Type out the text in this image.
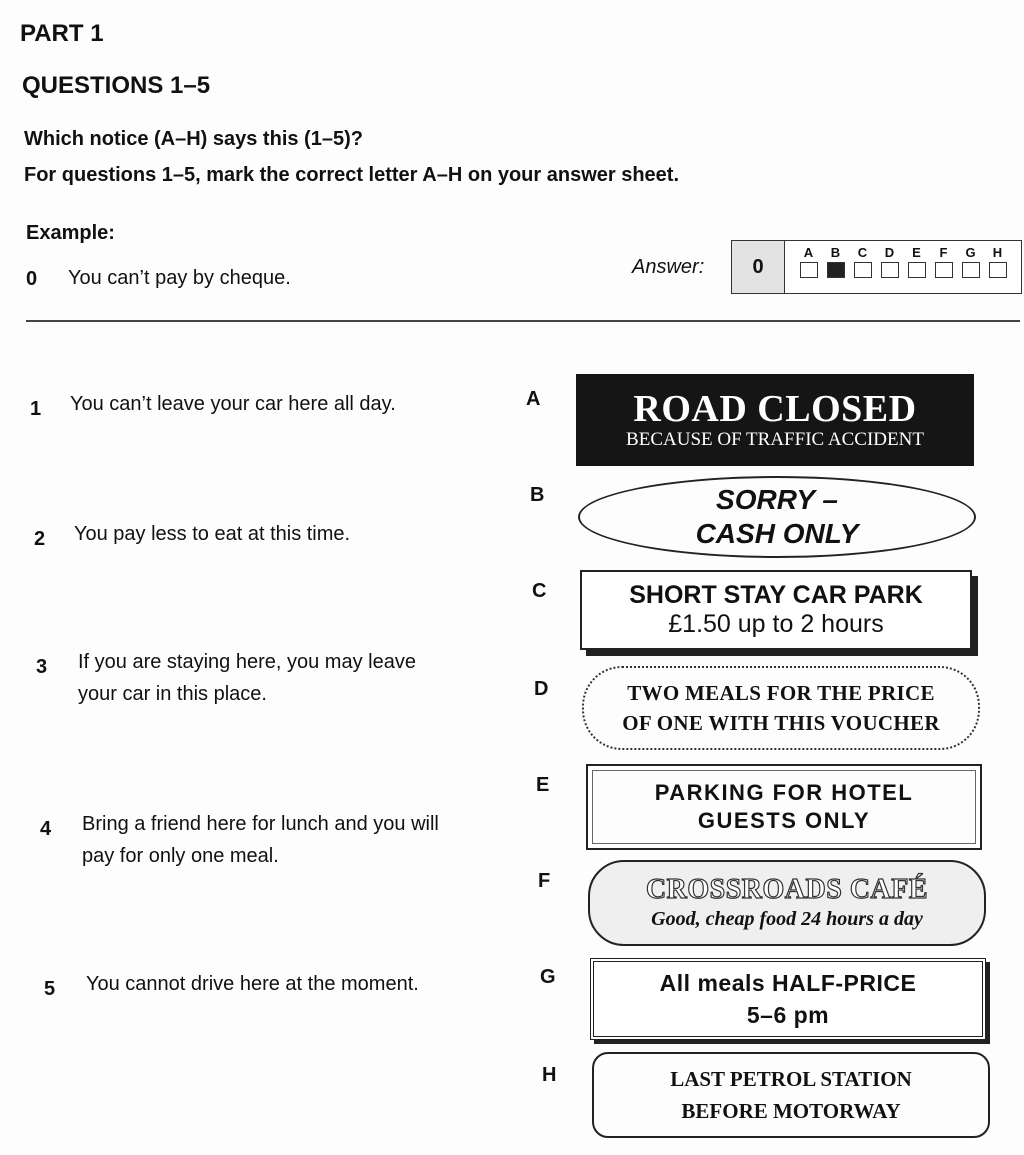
PART 1
QUESTIONS 1–5
Which notice (A–H) says this (1–5)?
For questions 1–5, mark the correct letter A–H on your answer sheet.
Example:
0 You can’t pay by cheque.	Answer:	0
A	B	C	D	E	F	G	H
1 You can’t leave your car here all day.
2 You pay less to eat at this time.
3 If you are staying here, you may leave
your car in this place.
4 Bring a friend here for lunch and you will
pay for only one meal.
5 You cannot drive here at the moment.
A
B
C
D
E
F
G
H
ROAD CLOSED
BECAUSE OF TRAFFIC ACCIDENT
SORRY –
CASH ONLY
SHORT STAY CAR PARK
£1.50 up to 2 hours
TWO MEALS FOR THE PRICE
OF ONE WITH THIS VOUCHER
PARKING FOR HOTEL
GUESTS ONLY
CROSSROADS CAFÉ
Good, cheap food 24 hours a day
All meals HALF-PRICE
5–6 pm
LAST PETROL STATION
BEFORE MOTORWAY
